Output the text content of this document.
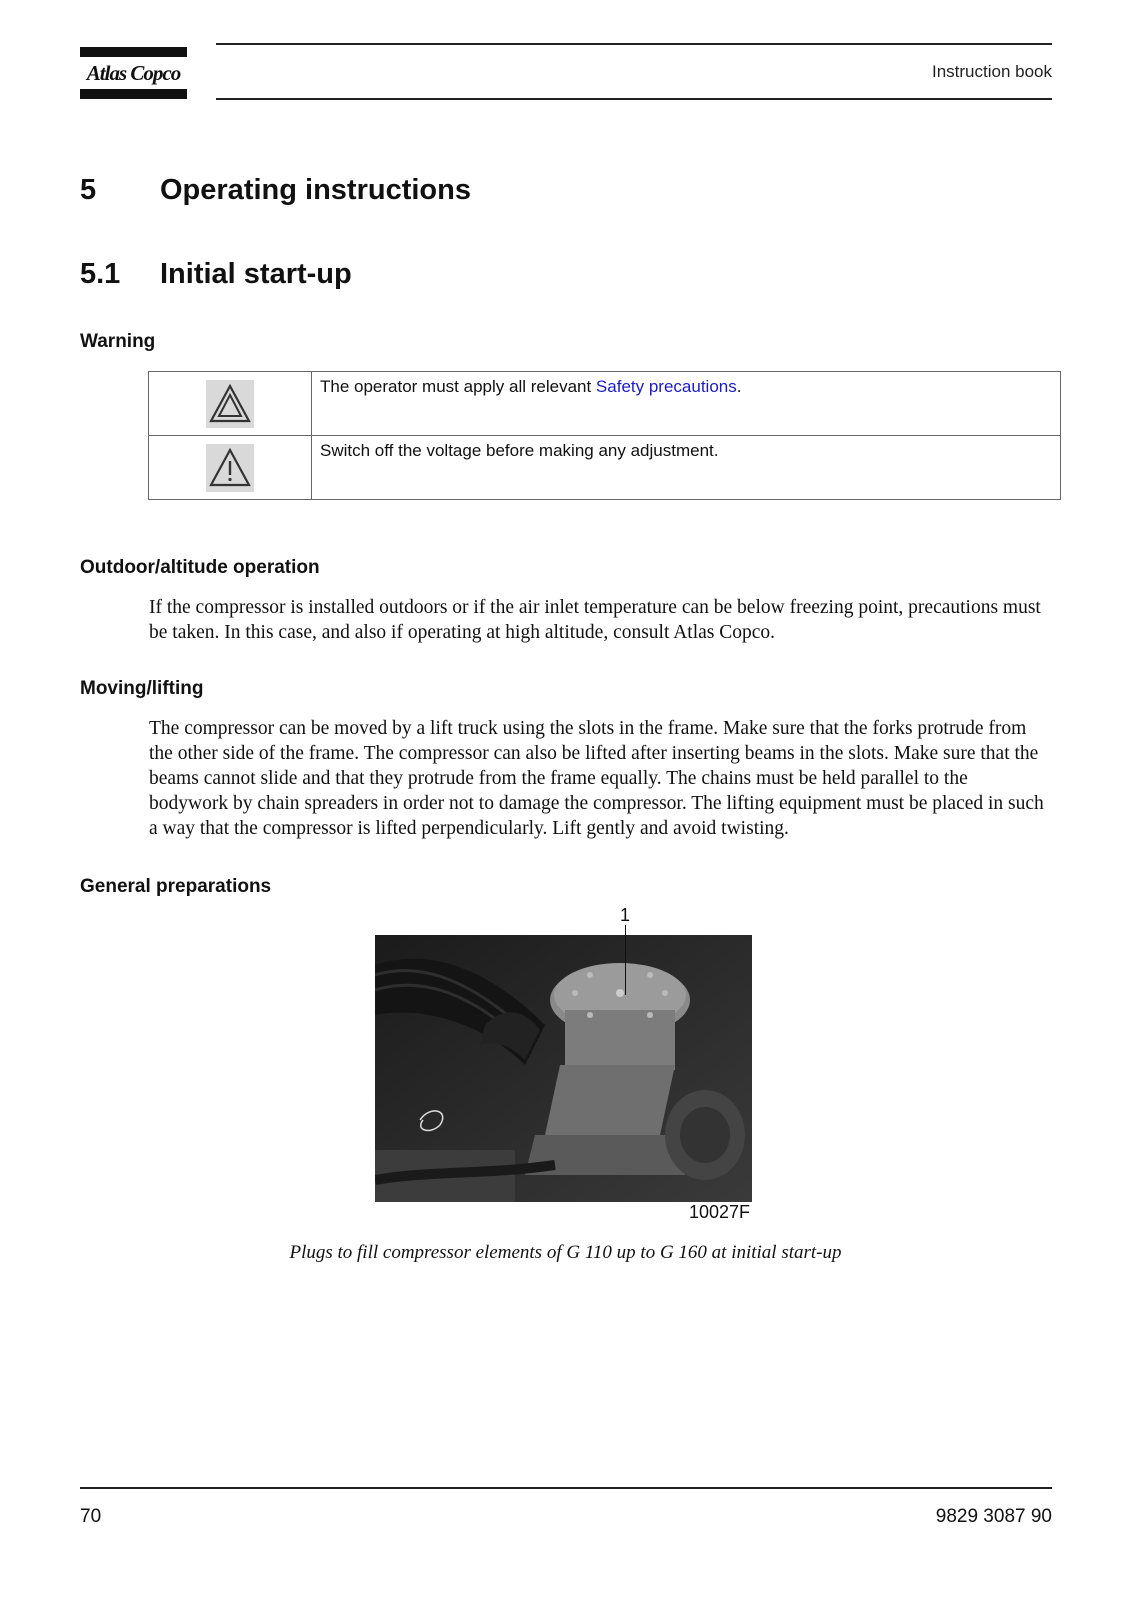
Atlas Copco	Instruction book
5 Operating instructions
5.1 Initial start-up
Warning
	The operator must apply all relevant Safety precautions.
	Switch off the voltage before making any adjustment.
Outdoor/altitude operation
If the compressor is installed outdoors or if the air inlet temperature can be below freezing point, precautions must be taken. In this case, and also if operating at high altitude, consult Atlas Copco.
Moving/lifting
The compressor can be moved by a lift truck using the slots in the frame. Make sure that the forks protrude from the other side of the frame. The compressor can also be lifted after inserting beams in the slots. Make sure that the beams cannot slide and that they protrude from the frame equally. The chains must be held parallel to the bodywork by chain spreaders in order not to damage the compressor. The lifting equipment must be placed in such a way that the compressor is lifted perpendicularly. Lift gently and avoid twisting.
General preparations
1
10027F
Plugs to fill compressor elements of G 110 up to G 160 at initial start-up
70	9829 3087 90
